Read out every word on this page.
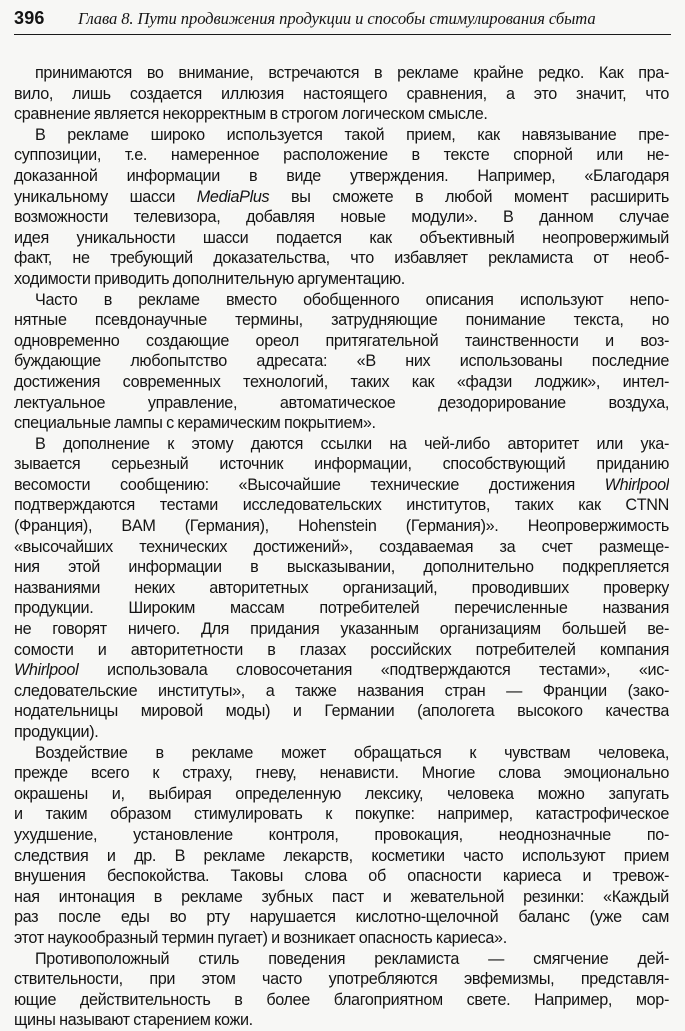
396	Глава 8. Пути продвижения продукции и способы стимулирования сбыта
принимаются во внимание, встречаются в рекламе крайне редко. Как пра-
вило, лишь создается иллюзия настоящего сравнения, а это значит, что
сравнение является некорректным в строгом логическом смысле.
В рекламе широко используется такой прием, как навязывание пре-
суппозиции, т.е. намеренное расположение в тексте спорной или не-
доказанной информации в виде утверждения. Например, «Благодаря
уникальному шасси MediaPlus вы сможете в любой момент расширить
возможности телевизора, добавляя новые модули». В данном случае
идея уникальности шасси подается как объективный неопровержимый
факт, не требующий доказательства, что избавляет рекламиста от необ-
ходимости приводить дополнительную аргументацию.
Часто в рекламе вместо обобщенного описания используют непо-
нятные псевдонаучные термины, затрудняющие понимание текста, но
одновременно создающие ореол притягательной таинственности и воз-
буждающие любопытство адресата: «В них использованы последние
достижения современных технологий, таких как «фадзи лоджик», интел-
лектуальное управление, автоматическое дезодорирование воздуха,
специальные лампы с керамическим покрытием».
В дополнение к этому даются ссылки на чей-либо авторитет или ука-
зывается серьезный источник информации, способствующий приданию
весомости сообщению: «Высочайшие технические достижения Whirlpool
подтверждаются тестами исследовательских институтов, таких как CTNN
(Франция), BAM (Германия), Hohenstein (Германия)». Неопровержимость
«высочайших технических достижений», создаваемая за счет размеще-
ния этой информации в высказывании, дополнительно подкрепляется
названиями неких авторитетных организаций, проводивших проверку
продукции. Широким массам потребителей перечисленные названия
не говорят ничего. Для придания указанным организациям большей ве-
сомости и авторитетности в глазах российских потребителей компания
Whirlpool использовала словосочетания «подтверждаются тестами», «ис-
следовательские институты», а также названия стран — Франции (зако-
нодательницы мировой моды) и Германии (апологета высокого качества
продукции).
Воздействие в рекламе может обращаться к чувствам человека,
прежде всего к страху, гневу, ненависти. Многие слова эмоционально
окрашены и, выбирая определенную лексику, человека можно запугать
и таким образом стимулировать к покупке: например, катастрофическое
ухудшение, установление контроля, провокация, неоднозначные по-
следствия и др. В рекламе лекарств, косметики часто используют прием
внушения беспокойства. Таковы слова об опасности кариеса и тревож-
ная интонация в рекламе зубных паст и жевательной резинки: «Каждый
раз после еды во рту нарушается кислотно-щелочной баланс (уже сам
этот наукообразный термин пугает) и возникает опасность кариеса».
Противоположный стиль поведения рекламиста — смягчение дей-
ствительности, при этом часто употребляются эвфемизмы, представля-
ющие действительность в более благоприятном свете. Например, мор-
щины называют старением кожи.
